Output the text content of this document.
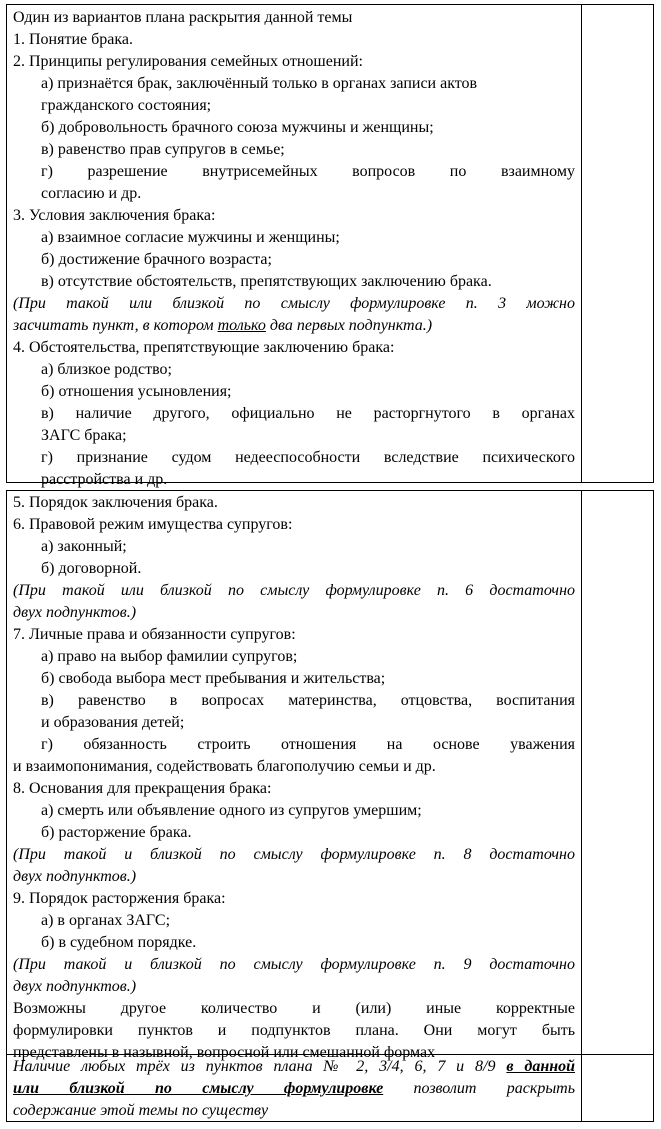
Один из вариантов плана раскрытия данной темы
1. Понятие брака.
2. Принципы регулирования семейных отношений:
а) признаётся брак, заключённый только в органах записи актов
гражданского состояния;
б) добровольность брачного союза мужчины и женщины;
в) равенство прав супругов в семье;
г) разрешение внутрисемейных вопросов по взаимному
согласию и др.
3. Условия заключения брака:
а) взаимное согласие мужчины и женщины;
б) достижение брачного возраста;
в) отсутствие обстоятельств, препятствующих заключению брака.
(При такой или близкой по смыслу формулировке п. 3 можно
засчитать пункт, в котором только два первых подпункта.)
4. Обстоятельства, препятствующие заключению брака:
а) близкое родство;
б) отношения усыновления;
в) наличие другого, официально не расторгнутого в органах
ЗАГС брака;
г) признание судом недееспособности вследствие психического
расстройства и др.
5. Порядок заключения брака.
6. Правовой режим имущества супругов:
а) законный;
б) договорной.
(При такой или близкой по смыслу формулировке п. 6 достаточно
двух подпунктов.)
7. Личные права и обязанности супругов:
а) право на выбор фамилии супругов;
б) свобода выбора мест пребывания и жительства;
в) равенство в вопросах материнства, отцовства, воспитания
и образования детей;
г) обязанность строить отношения на основе уважения
и взаимопонимания, содействовать благополучию семьи и др.
8. Основания для прекращения брака:
а) смерть или объявление одного из супругов умершим;
б) расторжение брака.
(При такой и близкой по смыслу формулировке п. 8 достаточно
двух подпунктов.)
9. Порядок расторжения брака:
а) в органах ЗАГС;
б) в судебном порядке.
(При такой и близкой по смыслу формулировке п. 9 достаточно
двух подпунктов.)
Возможны другое количество и (или) иные корректные
формулировки пунктов и подпунктов плана. Они могут быть
представлены в назывной, вопросной или смешанной формах
Наличие любых трёх из пунктов плана № 2, 3/4, 6, 7 и 8/9 в данной
или близкой по смыслу формулировке позволит раскрыть
содержание этой темы по существу
